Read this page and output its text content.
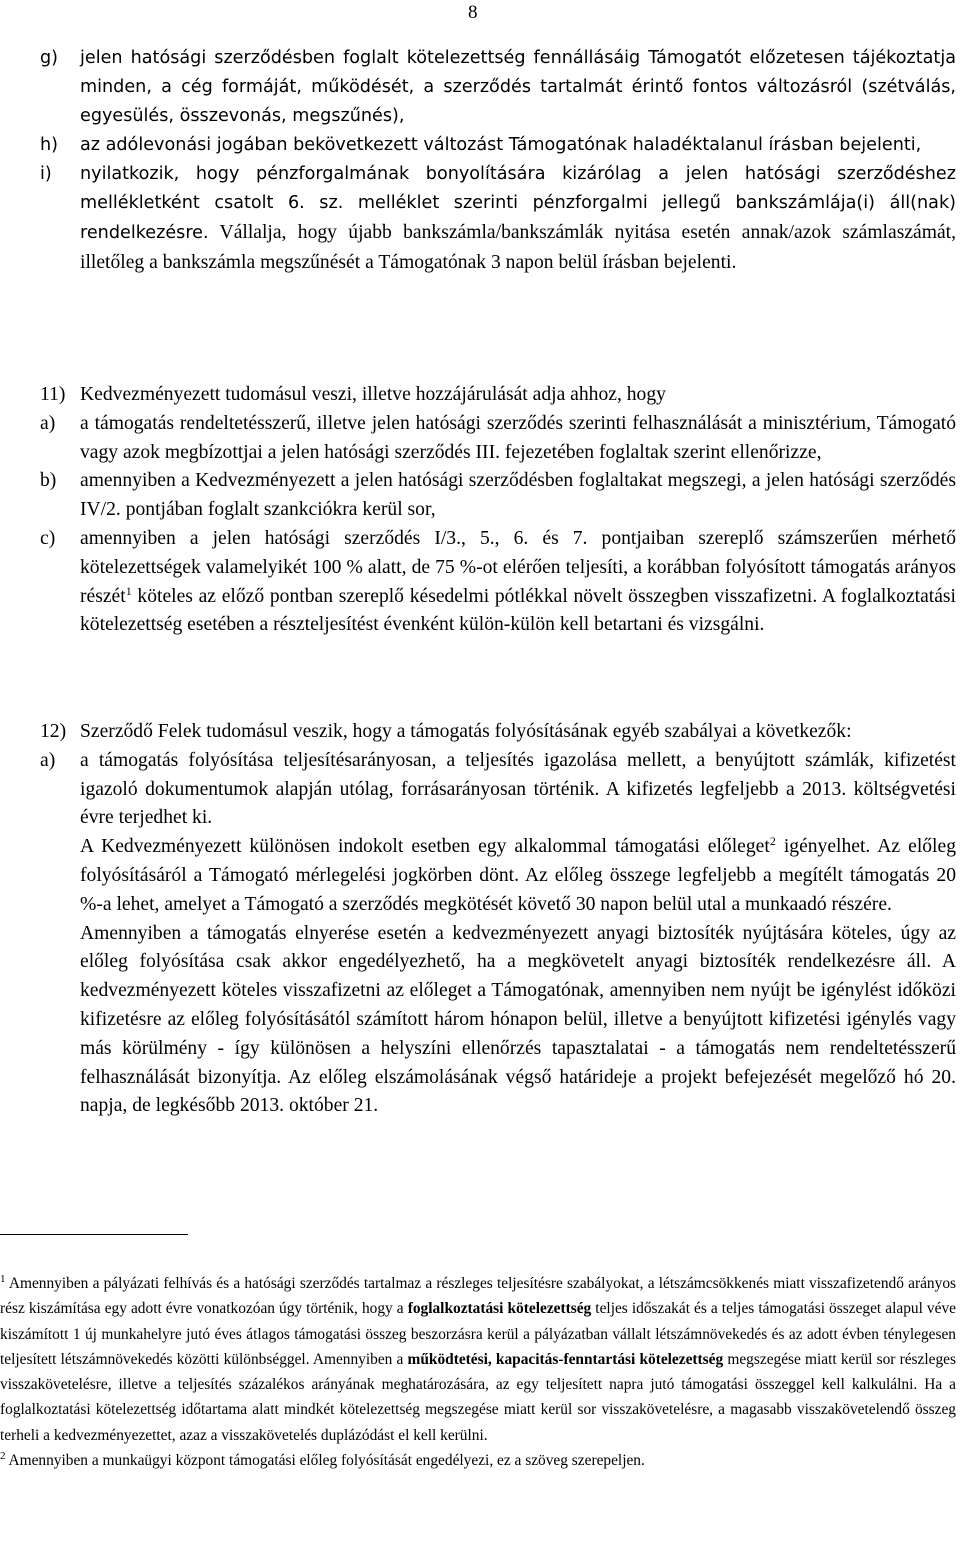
8
g) jelen hatósági szerződésben foglalt kötelezettség fennállásáig Támogatót előzetesen tájékoztatja minden, a cég formáját, működését, a szerződés tartalmát érintő fontos változásról (szétválás, egyesülés, összevonás, megszűnés),
h) az adólevonási jogában bekövetkezett változást Támogatónak haladéktalanul írásban bejelenti,
i) nyilatkozik, hogy pénzforgalmának bonyolítására kizárólag a jelen hatósági szerződéshez mellékletként csatolt 6. sz. melléklet szerinti pénzforgalmi jellegű bankszámlája(i) áll(nak) rendelkezésre. Vállalja, hogy újabb bankszámla/bankszámlák nyitása esetén annak/azok számlaszámát, illetőleg a bankszámla megszűnését a Támogatónak 3 napon belül írásban bejelenti.
11) Kedvezményezett tudomásul veszi, illetve hozzájárulását adja ahhoz, hogy
a) a támogatás rendeltetésszerű, illetve jelen hatósági szerződés szerinti felhasználását a minisztérium, Támogató vagy azok megbízottjai a jelen hatósági szerződés III. fejezetében foglaltak szerint ellenőrizze,
b) amennyiben a Kedvezményezett a jelen hatósági szerződésben foglaltakat megszegi, a jelen hatósági szerződés IV/2. pontjában foglalt szankciókra kerül sor,
c) amennyiben a jelen hatósági szerződés I/3., 5., 6. és 7. pontjaiban szereplő számszerűen mérhető kötelezettségek valamelyikét 100 % alatt, de 75 %-ot elérően teljesíti, a korábban folyósított támogatás arányos részét$^1$ köteles az előző pontban szereplő késedelmi pótlékkal növelt összegben visszafizetni. A foglalkoztatási kötelezettség esetében a részteljesítést évenként külön-külön kell betartani és vizsgálni.
12) Szerződő Felek tudomásul veszik, hogy a támogatás folyósításának egyéb szabályai a következők:
a) a támogatás folyósítása teljesítésarányosan, a teljesítés igazolása mellett, a benyújtott számlák, kifizetést igazoló dokumentumok alapján utólag, forrásarányosan történik. A kifizetés legfeljebb a 2013. költségvetési évre terjedhet ki.
A Kedvezményezett különösen indokolt esetben egy alkalommal támogatási előleget$^2$ igényelhet. Az előleg folyósításáról a Támogató mérlegelési jogkörben dönt. Az előleg összege legfeljebb a megítélt támogatás 20 %-a lehet, amelyet a Támogató a szerződés megkötését követő 30 napon belül utal a munkaadó részére.
Amennyiben a támogatás elnyerése esetén a kedvezményezett anyagi biztosíték nyújtására köteles, úgy az előleg folyósítása csak akkor engedélyezhető, ha a megkövetelt anyagi biztosíték rendelkezésre áll. A kedvezményezett köteles visszafizetni az előleget a Támogatónak, amennyiben nem nyújt be igénylést időközi kifizetésre az előleg folyósításától számított három hónapon belül, illetve a benyújtott kifizetési igénylés vagy más körülmény - így különösen a helyszíni ellenőrzés tapasztalatai - a támogatás nem rendeltetésszerű felhasználását bizonyítja. Az előleg elszámolásának végső határideje a projekt befejezését megelőző hó 20. napja, de legkésőbb 2013. október 21.
$^1$ Amennyiben a pályázati felhívás és a hatósági szerződés tartalmaz a részleges teljesítésre szabályokat, a létszámcsökkenés miatt visszafizetendő arányos rész kiszámítása egy adott évre vonatkozóan úgy történik, hogy a foglalkoztatási kötelezettség teljes időszakát és a teljes támogatási összeget alapul véve kiszámított 1 új munkahelyre jutó éves átlagos támogatási összeg beszorzásra kerül a pályázatban vállalt létszámnövekedés és az adott évben ténylegesen teljesített létszámnövekedés közötti különbséggel. Amennyiben a működtetési, kapacitás-fenntartási kötelezettség megszegése miatt kerül sor részleges visszakövetelésre, illetve a teljesítés százalékos arányának meghatározására, az egy teljesített napra jutó támogatási összeggel kell kalkulálni. Ha a foglalkoztatási kötelezettség időtartama alatt mindkét kötelezettség megszegése miatt kerül sor visszakövetelésre, a magasabb visszakövetelendő összeg terheli a kedvezményezettet, azaz a visszakövetelés duplázódást el kell kerülni.
$^2$ Amennyiben a munkaügyi központ támogatási előleg folyósítását engedélyezi, ez a szöveg szerepeljen.
